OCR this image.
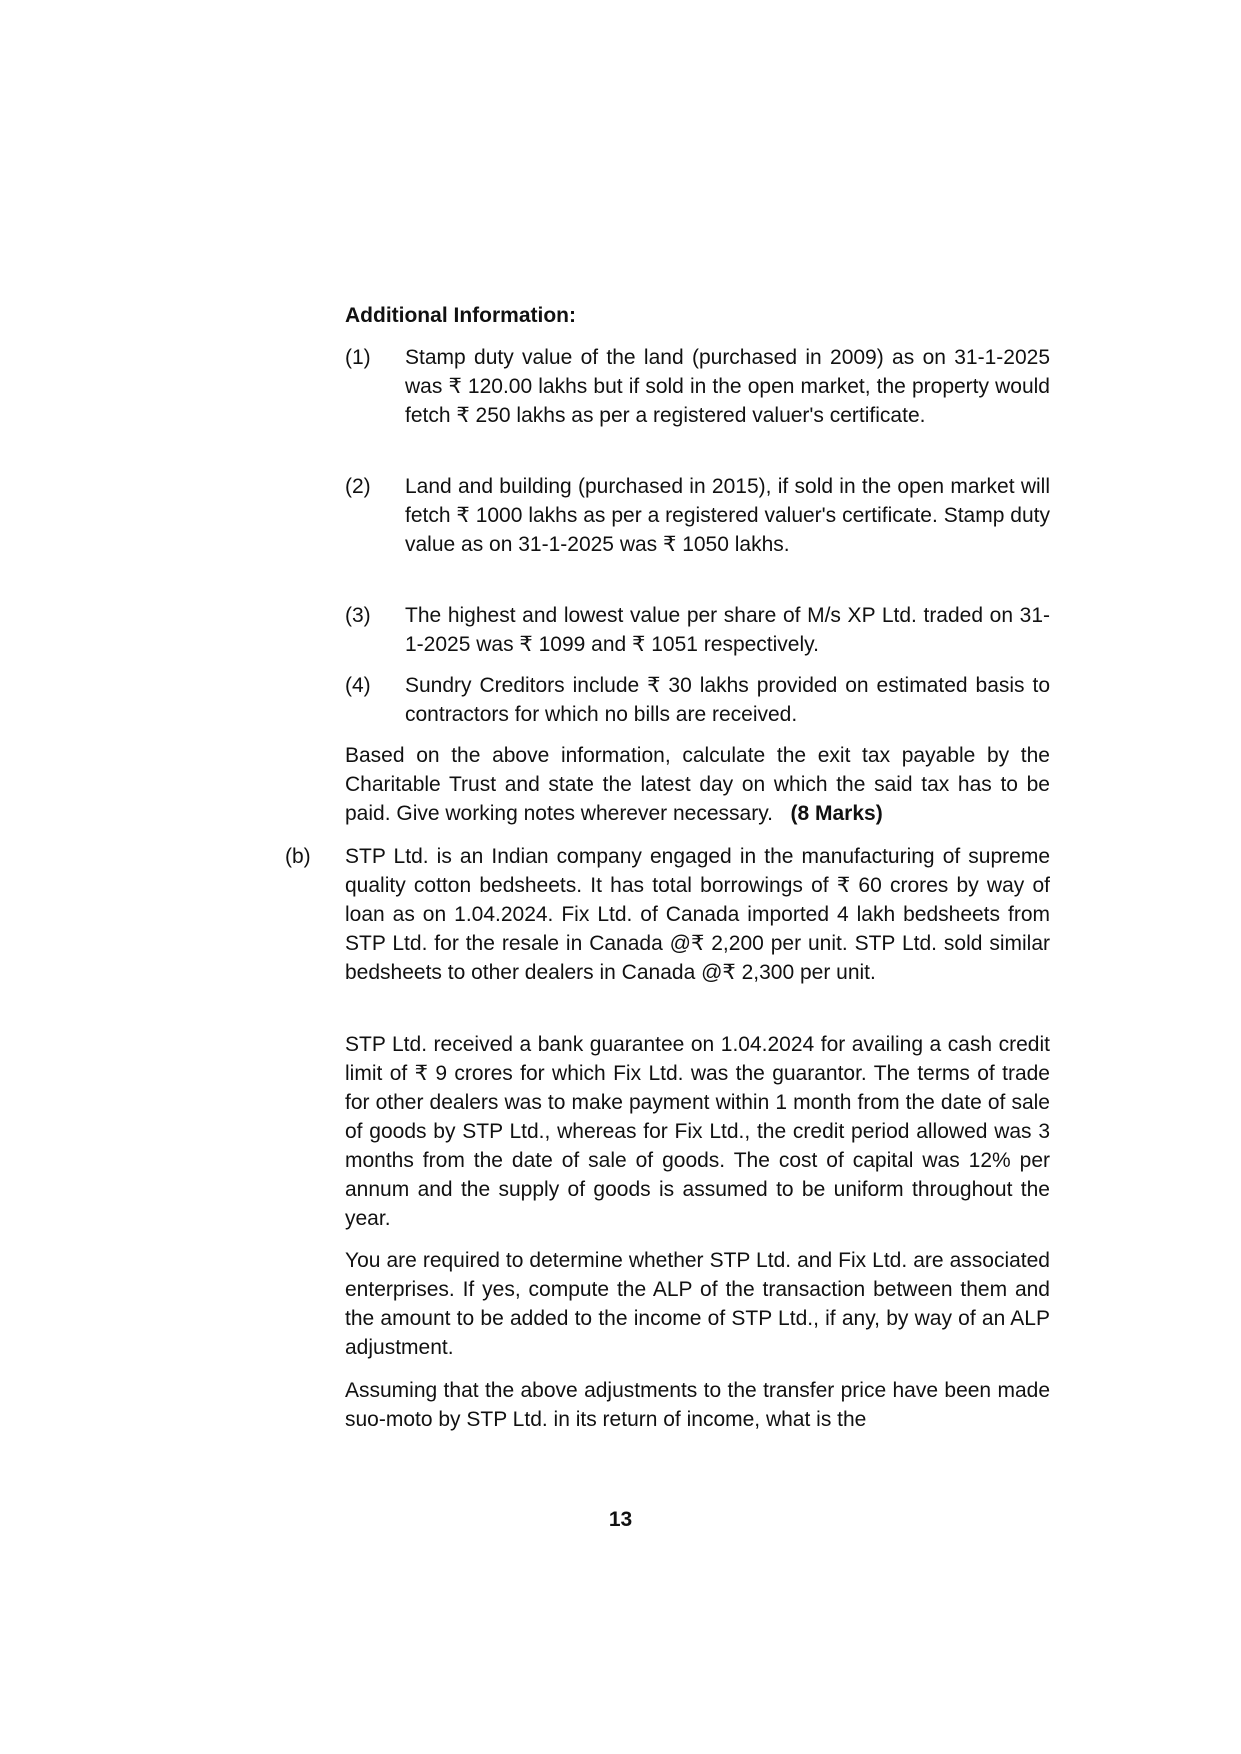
Additional Information:
(1) Stamp duty value of the land (purchased in 2009) as on 31-1-2025 was ₹ 120.00 lakhs but if sold in the open market, the property would fetch ₹ 250 lakhs as per a registered valuer's certificate.
(2) Land and building (purchased in 2015), if sold in the open market will fetch ₹ 1000 lakhs as per a registered valuer's certificate. Stamp duty value as on 31-1-2025 was ₹ 1050 lakhs.
(3) The highest and lowest value per share of M/s XP Ltd. traded on 31-1-2025 was ₹ 1099 and ₹ 1051 respectively.
(4) Sundry Creditors include ₹ 30 lakhs provided on estimated basis to contractors for which no bills are received.
Based on the above information, calculate the exit tax payable by the Charitable Trust and state the latest day on which the said tax has to be paid. Give working notes wherever necessary. (8 Marks)
(b) STP Ltd. is an Indian company engaged in the manufacturing of supreme quality cotton bedsheets. It has total borrowings of ₹ 60 crores by way of loan as on 1.04.2024. Fix Ltd. of Canada imported 4 lakh bedsheets from STP Ltd. for the resale in Canada @₹ 2,200 per unit. STP Ltd. sold similar bedsheets to other dealers in Canada @₹ 2,300 per unit.
STP Ltd. received a bank guarantee on 1.04.2024 for availing a cash credit limit of ₹ 9 crores for which Fix Ltd. was the guarantor. The terms of trade for other dealers was to make payment within 1 month from the date of sale of goods by STP Ltd., whereas for Fix Ltd., the credit period allowed was 3 months from the date of sale of goods. The cost of capital was 12% per annum and the supply of goods is assumed to be uniform throughout the year.
You are required to determine whether STP Ltd. and Fix Ltd. are associated enterprises. If yes, compute the ALP of the transaction between them and the amount to be added to the income of STP Ltd., if any, by way of an ALP adjustment.
Assuming that the above adjustments to the transfer price have been made suo-moto by STP Ltd. in its return of income, what is the
13
